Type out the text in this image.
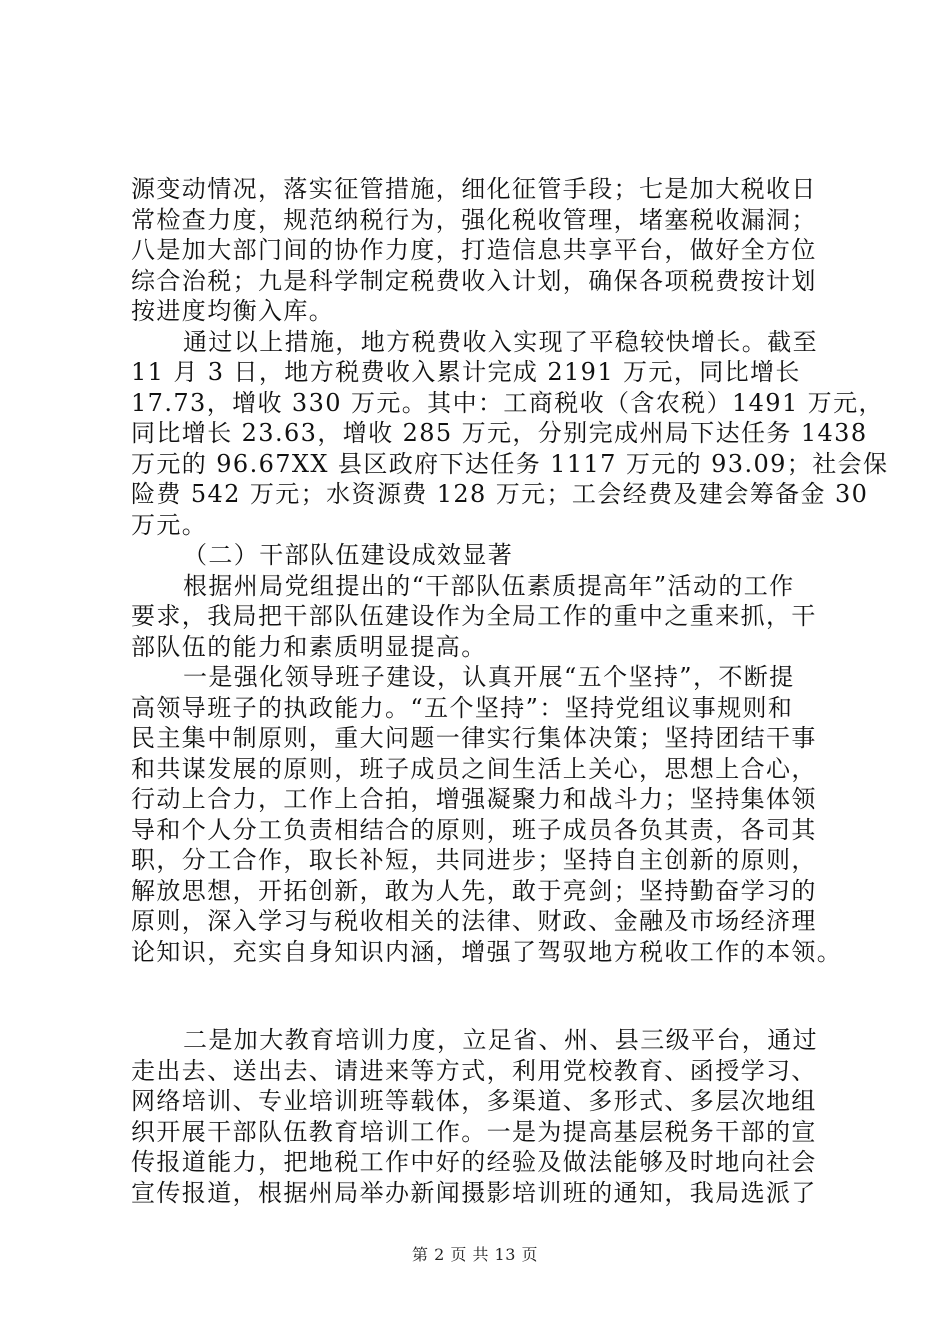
源变动情况，落实征管措施，细化征管手段；七是加大税收日
常检查力度，规范纳税行为，强化税收管理，堵塞税收漏洞；
八是加大部门间的协作力度，打造信息共享平台，做好全方位
综合治税；九是科学制定税费收入计划，确保各项税费按计划
按进度均衡入库。
通过以上措施，地方税费收入实现了平稳较快增长。截至
11 月 3 日，地方税费收入累计完成 2191 万元，同比增长
17.73，增收 330 万元。其中：工商税收（含农税）1491 万元，
同比增长 23.63，增收 285 万元，分别完成州局下达任务 1438
万元的 96.67XX 县区政府下达任务 1117 万元的 93.09；社会保
险费 542 万元；水资源费 128 万元；工会经费及建会筹备金 30
万元。
（二）干部队伍建设成效显著
根据州局党组提出的“干部队伍素质提高年”活动的工作
要求，我局把干部队伍建设作为全局工作的重中之重来抓，干
部队伍的能力和素质明显提高。
一是强化领导班子建设，认真开展“五个坚持”，不断提
高领导班子的执政能力。“五个坚持”：坚持党组议事规则和
民主集中制原则，重大问题一律实行集体决策；坚持团结干事
和共谋发展的原则，班子成员之间生活上关心，思想上合心，
行动上合力，工作上合拍，增强凝聚力和战斗力；坚持集体领
导和个人分工负责相结合的原则，班子成员各负其责，各司其
职，分工合作，取长补短，共同进步；坚持自主创新的原则，
解放思想，开拓创新，敢为人先，敢于亮剑；坚持勤奋学习的
原则，深入学习与税收相关的法律、财政、金融及市场经济理
论知识，充实自身知识内涵，增强了驾驭地方税收工作的本领。
二是加大教育培训力度，立足省、州、县三级平台，通过
走出去、送出去、请进来等方式，利用党校教育、函授学习、
网络培训、专业培训班等载体，多渠道、多形式、多层次地组
织开展干部队伍教育培训工作。一是为提高基层税务干部的宣
传报道能力，把地税工作中好的经验及做法能够及时地向社会
宣传报道，根据州局举办新闻摄影培训班的通知，我局选派了
第 2 页 共 13 页
